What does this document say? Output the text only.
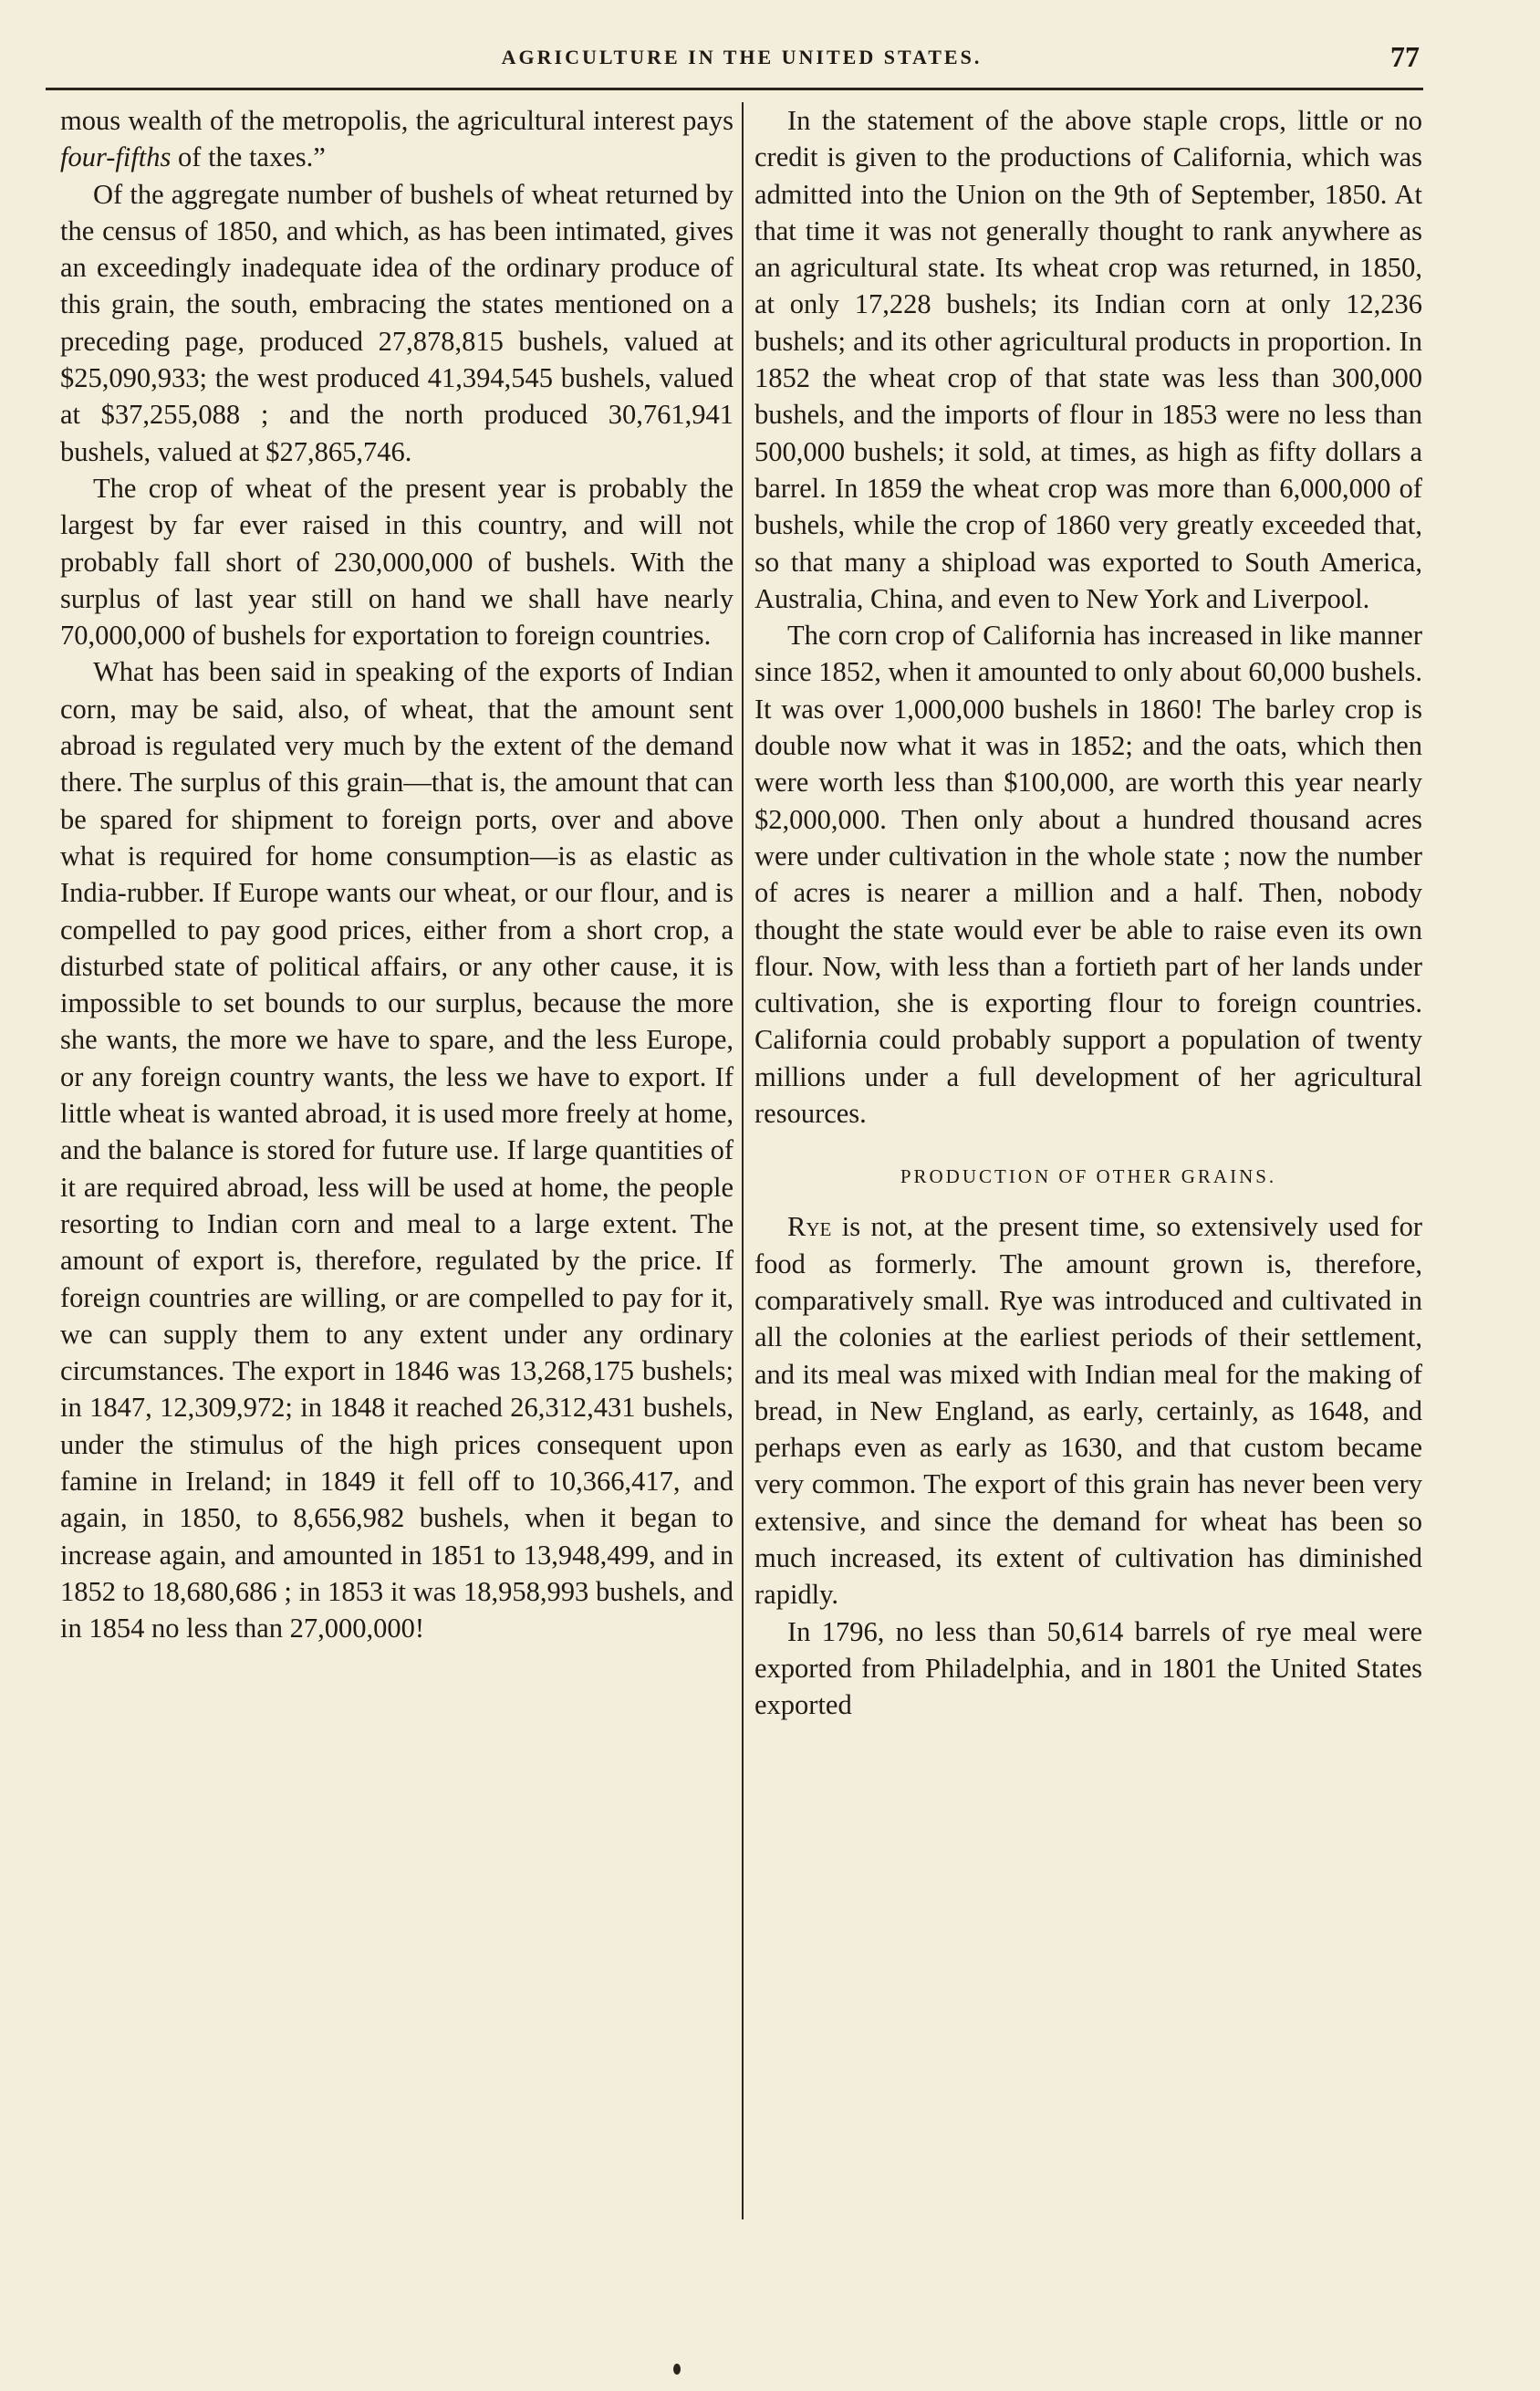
AGRICULTURE IN THE UNITED STATES.	77

mous wealth of the metropolis, the agricultural interest pays four-fifths of the taxes.”

Of the aggregate number of bushels of wheat returned by the census of 1850, and which, as has been intimated, gives an exceedingly inadequate idea of the ordinary produce of this grain, the south, embracing the states mentioned on a preceding page, produced 27,878,815 bushels, valued at $25,090,933; the west produced 41,394,545 bushels, valued at $37,255,088 ; and the north produced 30,761,941 bushels, valued at $27,865,746.

The crop of wheat of the present year is probably the largest by far ever raised in this country, and will not probably fall short of 230,000,000 of bushels. With the surplus of last year still on hand we shall have nearly 70,000,000 of bushels for exportation to foreign countries.

What has been said in speaking of the exports of Indian corn, may be said, also, of wheat, that the amount sent abroad is regulated very much by the extent of the demand there. The surplus of this grain—that is, the amount that can be spared for shipment to foreign ports, over and above what is required for home consumption—is as elastic as India-rubber. If Europe wants our wheat, or our flour, and is compelled to pay good prices, either from a short crop, a disturbed state of political affairs, or any other cause, it is impossible to set bounds to our surplus, because the more she wants, the more we have to spare, and the less Europe, or any foreign country wants, the less we have to export. If little wheat is wanted abroad, it is used more freely at home, and the balance is stored for future use. If large quantities of it are required abroad, less will be used at home, the people resorting to Indian corn and meal to a large extent. The amount of export is, therefore, regulated by the price. If foreign countries are willing, or are compelled to pay for it, we can supply them to any extent under any ordinary circumstances. The export in 1846 was 13,268,175 bushels; in 1847, 12,309,972; in 1848 it reached 26,312,431 bushels, under the stimulus of the high prices consequent upon famine in Ireland; in 1849 it fell off to 10,366,417, and again, in 1850, to 8,656,982 bushels, when it began to increase again, and amounted in 1851 to 13,948,499, and in 1852 to 18,680,686 ; in 1853 it was 18,958,993 bushels, and in 1854 no less than 27,000,000!

In the statement of the above staple crops, little or no credit is given to the productions of California, which was admitted into the Union on the 9th of September, 1850. At that time it was not generally thought to rank anywhere as an agricultural state. Its wheat crop was returned, in 1850, at only 17,228 bushels; its Indian corn at only 12,236 bushels; and its other agricultural products in proportion. In 1852 the wheat crop of that state was less than 300,000 bushels, and the imports of flour in 1853 were no less than 500,000 bushels; it sold, at times, as high as fifty dollars a barrel. In 1859 the wheat crop was more than 6,000,000 of bushels, while the crop of 1860 very greatly exceeded that, so that many a shipload was exported to South America, Australia, China, and even to New York and Liverpool.

The corn crop of California has increased in like manner since 1852, when it amounted to only about 60,000 bushels. It was over 1,000,000 bushels in 1860! The barley crop is double now what it was in 1852; and the oats, which then were worth less than $100,000, are worth this year nearly $2,000,000. Then only about a hundred thousand acres were under cultivation in the whole state ; now the number of acres is nearer a million and a half. Then, nobody thought the state would ever be able to raise even its own flour. Now, with less than a fortieth part of her lands under cultivation, she is exporting flour to foreign countries. California could probably support a population of twenty millions under a full development of her agricultural resources.

PRODUCTION OF OTHER GRAINS.

Rye is not, at the present time, so extensively used for food as formerly. The amount grown is, therefore, comparatively small. Rye was introduced and cultivated in all the colonies at the earliest periods of their settlement, and its meal was mixed with Indian meal for the making of bread, in New England, as early, certainly, as 1648, and perhaps even as early as 1630, and that custom became very common. The export of this grain has never been very extensive, and since the demand for wheat has been so much increased, its extent of cultivation has diminished rapidly.

In 1796, no less than 50,614 barrels of rye meal were exported from Philadelphia, and in 1801 the United States exported
